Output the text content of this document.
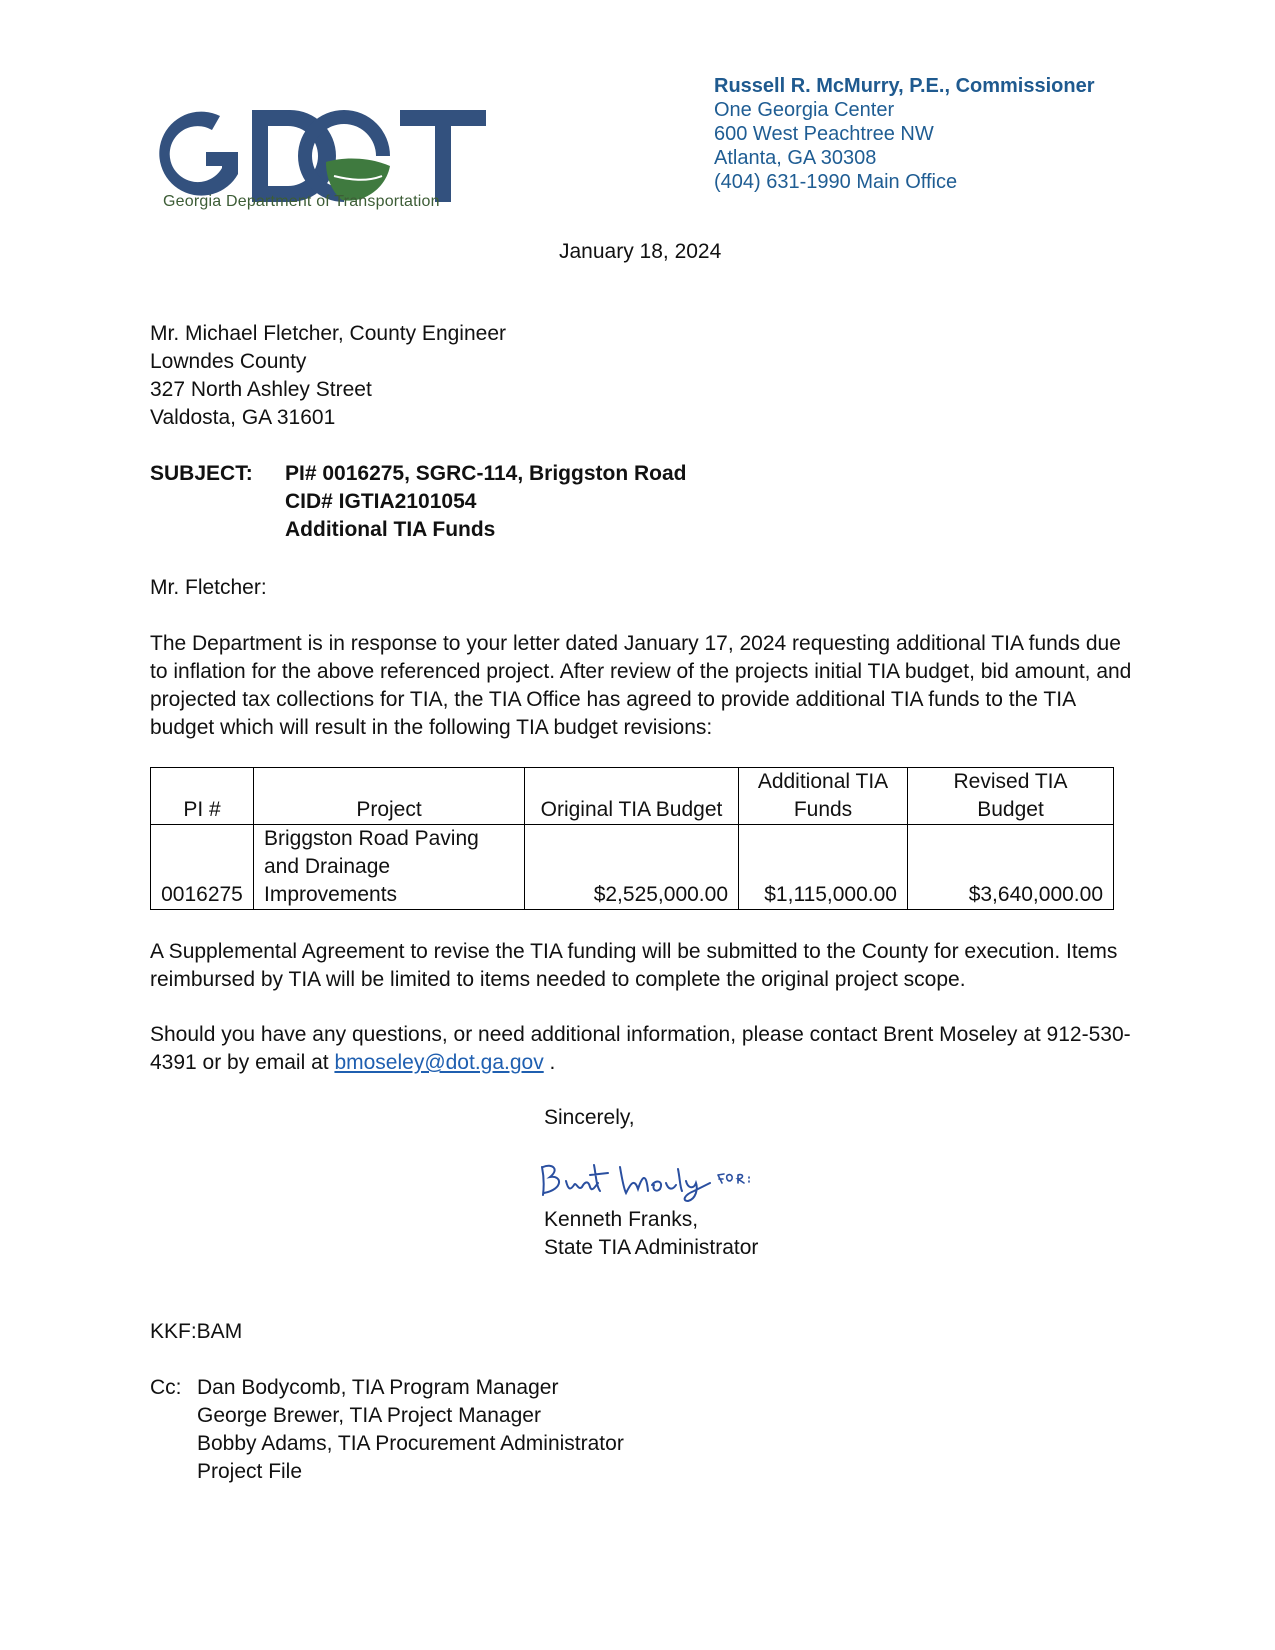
Georgia Department of Transportation
Russell R. McMurry, P.E., Commissioner
One Georgia Center
600 West Peachtree NW
Atlanta, GA 30308
(404) 631-1990 Main Office
January 18, 2024
Mr. Michael Fletcher, County Engineer
Lowndes County
327 North Ashley Street
Valdosta, GA 31601
SUBJECT: PI# 0016275, SGRC-114, Briggston Road
CID# IGTIA2101054
Additional TIA Funds
Mr. Fletcher:
The Department is in response to your letter dated January 17, 2024 requesting additional TIA funds due to inflation for the above referenced project. After review of the projects initial TIA budget, bid amount, and projected tax collections for TIA, the TIA Office has agreed to provide additional TIA funds to the TIA budget which will result in the following TIA budget revisions:
PI #	Project	Original TIA Budget	Additional TIA Funds	Revised TIA Budget
0016275	Briggston Road Paving and Drainage Improvements	$2,525,000.00	$1,115,000.00	$3,640,000.00
A Supplemental Agreement to revise the TIA funding will be submitted to the County for execution. Items reimbursed by TIA will be limited to items needed to complete the original project scope.
Should you have any questions, or need additional information, please contact Brent Moseley at 912-530-4391 or by email at bmoseley@dot.ga.gov .
Sincerely,
Kenneth Franks,
State TIA Administrator
KKF:BAM
Cc: Dan Bodycomb, TIA Program Manager
George Brewer, TIA Project Manager
Bobby Adams, TIA Procurement Administrator
Project File
